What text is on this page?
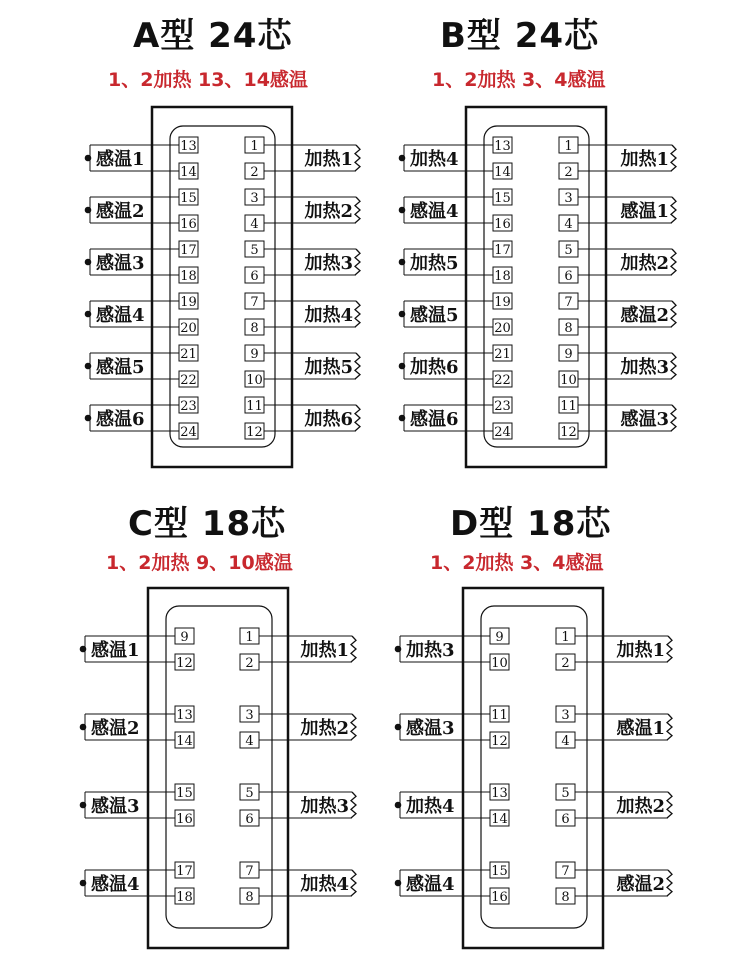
A型 24芯
1、2加热 13、14感温
B型 24芯
1、2加热 3、4感温
C型 18芯
1、2加热 9、10感温
D型 18芯
1、2加热 3、4感温
13
14
感温1
1
2
加热1
15
16
感温2
3
4
加热2
17
18
感温3
5
6
加热3
19
20
感温4
7
8
加热4
21
22
感温5
9
10
加热5
23
24
感温6
11
12
加热6
13
14
加热4
1
2
加热1
15
16
感温4
3
4
感温1
17
18
加热5
5
6
加热2
19
20
感温5
7
8
感温2
21
22
加热6
9
10
加热3
23
24
感温6
11
12
感温3
9
12
感温1
1
2
加热1
13
14
感温2
3
4
加热2
15
16
感温3
5
6
加热3
17
18
感温4
7
8
加热4
9
10
加热3
1
2
加热1
11
12
感温3
3
4
感温1
13
14
加热4
5
6
加热2
15
16
感温4
7
8
感温2
